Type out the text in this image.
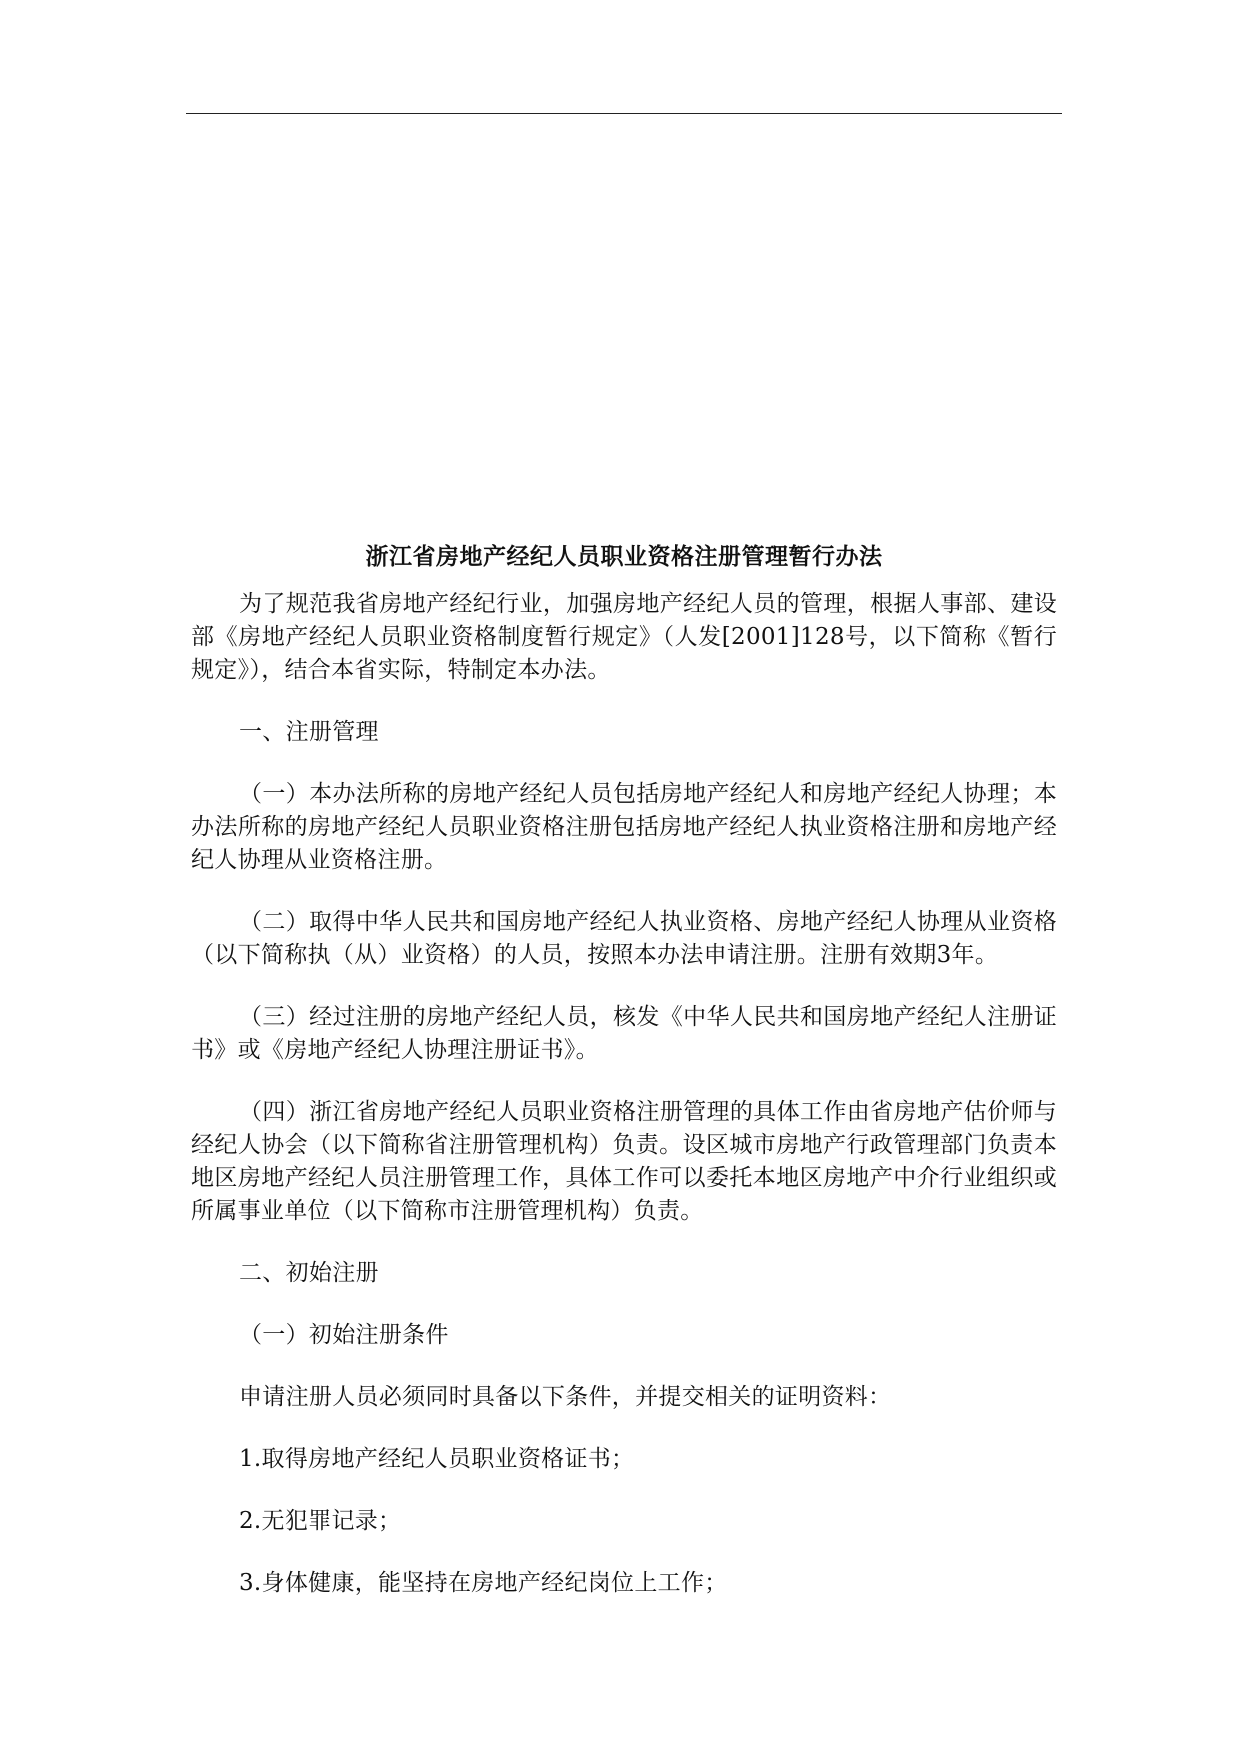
浙江省房地产经纪人员职业资格注册管理暂行办法

为了规范我省房地产经纪行业，加强房地产经纪人员的管理，根据人事部、建设部《房地产经纪人员职业资格制度暂行规定》（人发[2001]128号，以下简称《暂行规定》），结合本省实际，特制定本办法。

一、注册管理

（一）本办法所称的房地产经纪人员包括房地产经纪人和房地产经纪人协理；本办法所称的房地产经纪人员职业资格注册包括房地产经纪人执业资格注册和房地产经纪人协理从业资格注册。

（二）取得中华人民共和国房地产经纪人执业资格、房地产经纪人协理从业资格（以下简称执（从）业资格）的人员，按照本办法申请注册。注册有效期3年。

（三）经过注册的房地产经纪人员，核发《中华人民共和国房地产经纪人注册证书》或《房地产经纪人协理注册证书》。

（四）浙江省房地产经纪人员职业资格注册管理的具体工作由省房地产估价师与经纪人协会（以下简称省注册管理机构）负责。设区城市房地产行政管理部门负责本地区房地产经纪人员注册管理工作，具体工作可以委托本地区房地产中介行业组织或所属事业单位（以下简称市注册管理机构）负责。

二、初始注册

（一）初始注册条件

申请注册人员必须同时具备以下条件，并提交相关的证明资料：

1.取得房地产经纪人员职业资格证书；

2.无犯罪记录；

3.身体健康，能坚持在房地产经纪岗位上工作；
